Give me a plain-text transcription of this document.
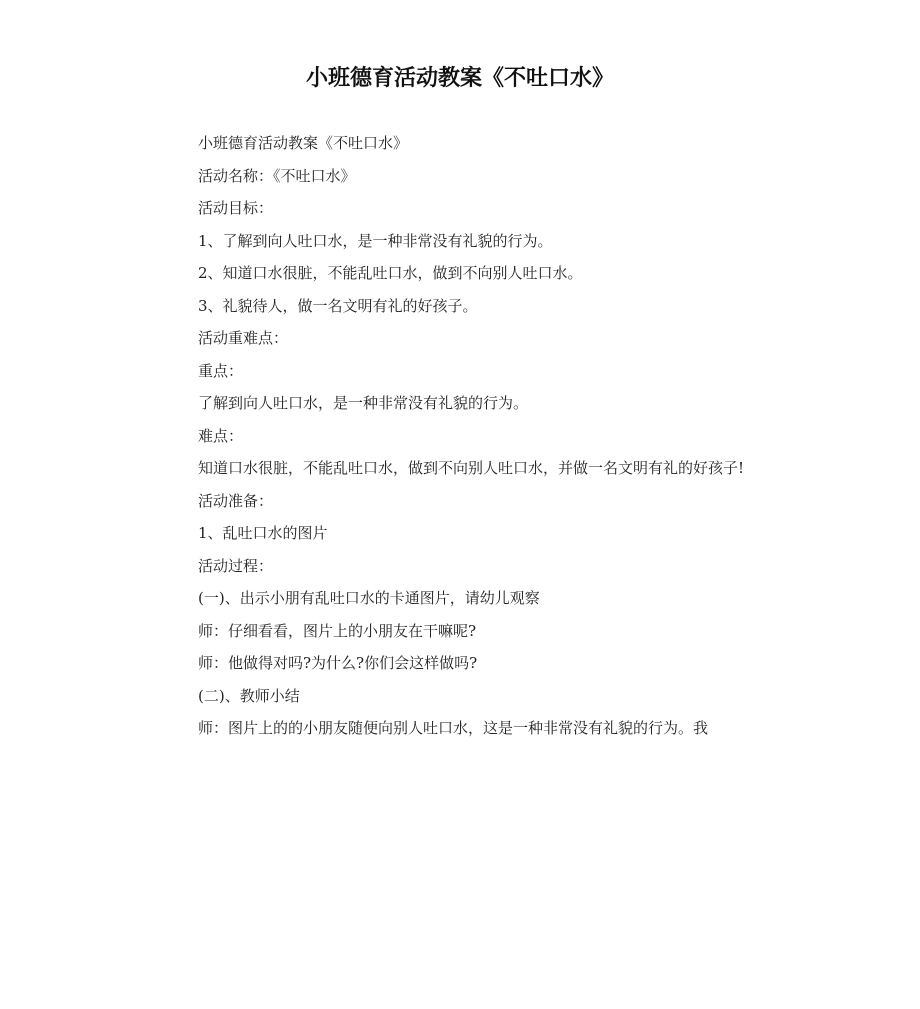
小班德育活动教案《不吐口水》

小班德育活动教案《不吐口水》

活动名称：《不吐口水》

活动目标：

1、了解到向人吐口水，是一种非常没有礼貌的行为。

2、知道口水很脏，不能乱吐口水，做到不向别人吐口水。

3、礼貌待人，做一名文明有礼的好孩子。

活动重难点：

重点：

了解到向人吐口水，是一种非常没有礼貌的行为。

难点：

知道口水很脏，不能乱吐口水，做到不向别人吐口水，并做一名文明有礼的好孩子!

活动准备：

1、乱吐口水的图片

活动过程：

(一)、出示小朋有乱吐口水的卡通图片，请幼儿观察

师：仔细看看，图片上的小朋友在干嘛呢?

师：他做得对吗?为什么?你们会这样做吗?

(二)、教师小结

师：图片上的的小朋友随便向别人吐口水，这是一种非常没有礼貌的行为。我
